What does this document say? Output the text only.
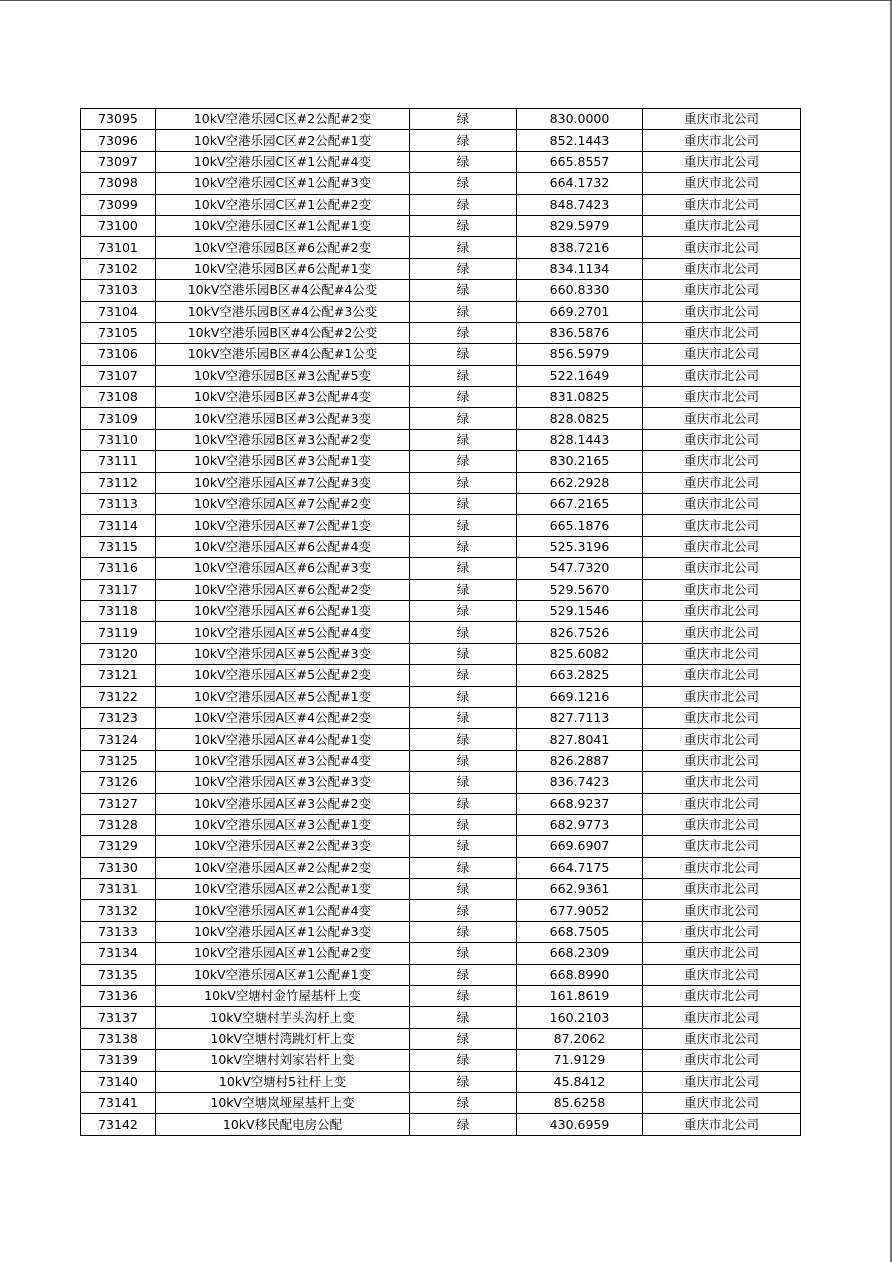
73095	10kV空港乐园C区#2公配#2变	绿	830.0000	重庆市北公司
73096	10kV空港乐园C区#2公配#1变	绿	852.1443	重庆市北公司
73097	10kV空港乐园C区#1公配#4变	绿	665.8557	重庆市北公司
73098	10kV空港乐园C区#1公配#3变	绿	664.1732	重庆市北公司
73099	10kV空港乐园C区#1公配#2变	绿	848.7423	重庆市北公司
73100	10kV空港乐园C区#1公配#1变	绿	829.5979	重庆市北公司
73101	10kV空港乐园B区#6公配#2变	绿	838.7216	重庆市北公司
73102	10kV空港乐园B区#6公配#1变	绿	834.1134	重庆市北公司
73103	10kV空港乐园B区#4公配#4公变	绿	660.8330	重庆市北公司
73104	10kV空港乐园B区#4公配#3公变	绿	669.2701	重庆市北公司
73105	10kV空港乐园B区#4公配#2公变	绿	836.5876	重庆市北公司
73106	10kV空港乐园B区#4公配#1公变	绿	856.5979	重庆市北公司
73107	10kV空港乐园B区#3公配#5变	绿	522.1649	重庆市北公司
73108	10kV空港乐园B区#3公配#4变	绿	831.0825	重庆市北公司
73109	10kV空港乐园B区#3公配#3变	绿	828.0825	重庆市北公司
73110	10kV空港乐园B区#3公配#2变	绿	828.1443	重庆市北公司
73111	10kV空港乐园B区#3公配#1变	绿	830.2165	重庆市北公司
73112	10kV空港乐园A区#7公配#3变	绿	662.2928	重庆市北公司
73113	10kV空港乐园A区#7公配#2变	绿	667.2165	重庆市北公司
73114	10kV空港乐园A区#7公配#1变	绿	665.1876	重庆市北公司
73115	10kV空港乐园A区#6公配#4变	绿	525.3196	重庆市北公司
73116	10kV空港乐园A区#6公配#3变	绿	547.7320	重庆市北公司
73117	10kV空港乐园A区#6公配#2变	绿	529.5670	重庆市北公司
73118	10kV空港乐园A区#6公配#1变	绿	529.1546	重庆市北公司
73119	10kV空港乐园A区#5公配#4变	绿	826.7526	重庆市北公司
73120	10kV空港乐园A区#5公配#3变	绿	825.6082	重庆市北公司
73121	10kV空港乐园A区#5公配#2变	绿	663.2825	重庆市北公司
73122	10kV空港乐园A区#5公配#1变	绿	669.1216	重庆市北公司
73123	10kV空港乐园A区#4公配#2变	绿	827.7113	重庆市北公司
73124	10kV空港乐园A区#4公配#1变	绿	827.8041	重庆市北公司
73125	10kV空港乐园A区#3公配#4变	绿	826.2887	重庆市北公司
73126	10kV空港乐园A区#3公配#3变	绿	836.7423	重庆市北公司
73127	10kV空港乐园A区#3公配#2变	绿	668.9237	重庆市北公司
73128	10kV空港乐园A区#3公配#1变	绿	682.9773	重庆市北公司
73129	10kV空港乐园A区#2公配#3变	绿	669.6907	重庆市北公司
73130	10kV空港乐园A区#2公配#2变	绿	664.7175	重庆市北公司
73131	10kV空港乐园A区#2公配#1变	绿	662.9361	重庆市北公司
73132	10kV空港乐园A区#1公配#4变	绿	677.9052	重庆市北公司
73133	10kV空港乐园A区#1公配#3变	绿	668.7505	重庆市北公司
73134	10kV空港乐园A区#1公配#2变	绿	668.2309	重庆市北公司
73135	10kV空港乐园A区#1公配#1变	绿	668.8990	重庆市北公司
73136	10kV空塘村金竹屋基杆上变	绿	161.8619	重庆市北公司
73137	10kV空塘村芋头沟杆上变	绿	160.2103	重庆市北公司
73138	10kV空塘村湾跳灯杆上变	绿	87.2062	重庆市北公司
73139	10kV空塘村刘家岩杆上变	绿	71.9129	重庆市北公司
73140	10kV空塘村5社杆上变	绿	45.8412	重庆市北公司
73141	10kV空塘岚垭屋基杆上变	绿	85.6258	重庆市北公司
73142	10kV移民配电房公配	绿	430.6959	重庆市北公司
